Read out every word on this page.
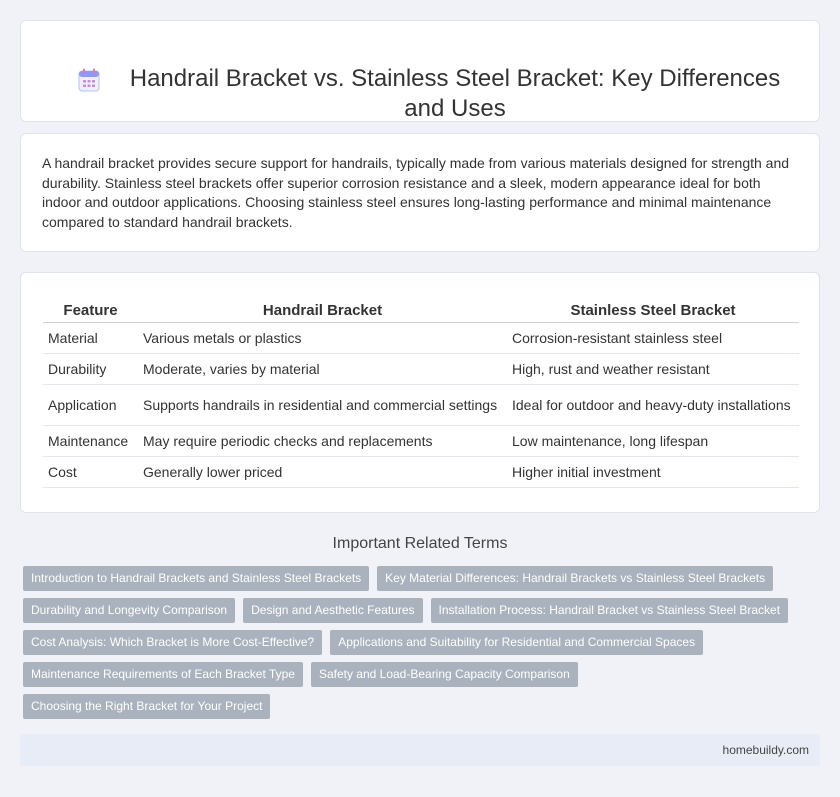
Handrail Bracket vs. Stainless Steel Bracket: Key Differences and Uses

A handrail bracket provides secure support for handrails, typically made from various materials designed for strength and durability. Stainless steel brackets offer superior corrosion resistance and a sleek, modern appearance ideal for both indoor and outdoor applications. Choosing stainless steel ensures long-lasting performance and minimal maintenance compared to standard handrail brackets.

Feature	Handrail Bracket	Stainless Steel Bracket
Material	Various metals or plastics	Corrosion-resistant stainless steel
Durability	Moderate, varies by material	High, rust and weather resistant
Application	Supports handrails in residential and commercial settings	Ideal for outdoor and heavy-duty installations
Maintenance	May require periodic checks and replacements	Low maintenance, long lifespan
Cost	Generally lower priced	Higher initial investment
Important Related Terms
Introduction to Handrail Brackets and Stainless Steel Brackets	Key Material Differences: Handrail Brackets vs Stainless Steel Brackets
Durability and Longevity Comparison	Design and Aesthetic Features	Installation Process: Handrail Bracket vs Stainless Steel Bracket
Cost Analysis: Which Bracket is More Cost-Effective?	Applications and Suitability for Residential and Commercial Spaces
Maintenance Requirements of Each Bracket Type	Safety and Load-Bearing Capacity Comparison
Choosing the Right Bracket for Your Project
homebuildy.com
